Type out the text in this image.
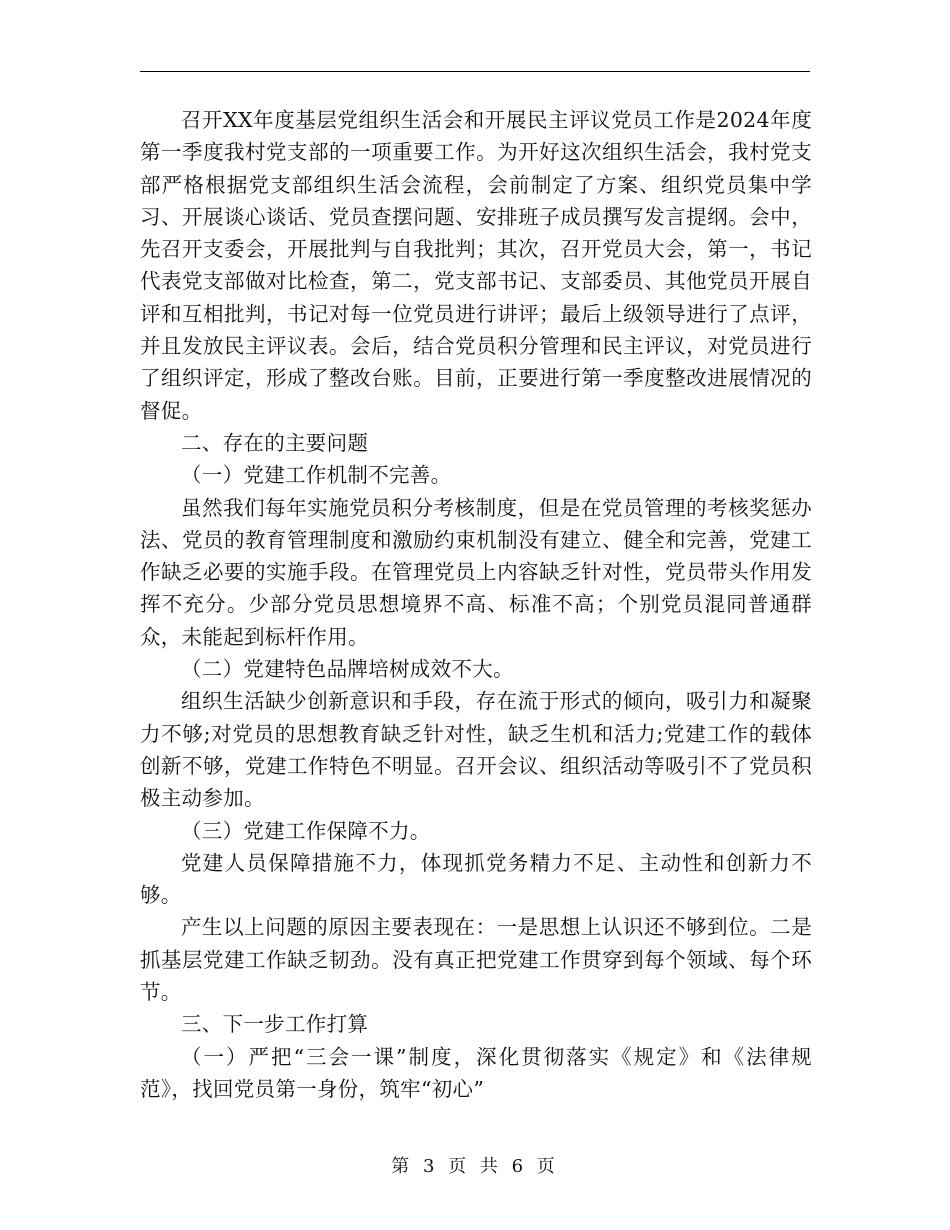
召开XX年度基层党组织生活会和开展民主评议党员工作是2024年度第一季度我村党支部的一项重要工作。为开好这次组织生活会，我村党支部严格根据党支部组织生活会流程，会前制定了方案、组织党员集中学习、开展谈心谈话、党员查摆问题、安排班子成员撰写发言提纲。会中，先召开支委会，开展批判与自我批判；其次，召开党员大会，第一，书记代表党支部做对比检查，第二，党支部书记、支部委员、其他党员开展自评和互相批判，书记对每一位党员进行讲评；最后上级领导进行了点评，并且发放民主评议表。会后，结合党员积分管理和民主评议，对党员进行了组织评定，形成了整改台账。目前，正要进行第一季度整改进展情况的督促。

二、存在的主要问题

（一）党建工作机制不完善。

虽然我们每年实施党员积分考核制度，但是在党员管理的考核奖惩办法、党员的教育管理制度和激励约束机制没有建立、健全和完善，党建工作缺乏必要的实施手段。在管理党员上内容缺乏针对性，党员带头作用发挥不充分。少部分党员思想境界不高、标准不高；个别党员混同普通群众，未能起到标杆作用。

（二）党建特色品牌培树成效不大。

组织生活缺少创新意识和手段，存在流于形式的倾向，吸引力和凝聚力不够;对党员的思想教育缺乏针对性，缺乏生机和活力;党建工作的载体创新不够，党建工作特色不明显。召开会议、组织活动等吸引不了党员积极主动参加。

（三）党建工作保障不力。

党建人员保障措施不力，体现抓党务精力不足、主动性和创新力不够。

产生以上问题的原因主要表现在：一是思想上认识还不够到位。二是抓基层党建工作缺乏韧劲。没有真正把党建工作贯穿到每个领域、每个环节。

三、下一步工作打算

（一）严把“三会一课”制度，深化贯彻落实《规定》和《法律规范》，找回党员第一身份，筑牢“初心”

第 3 页 共 6 页
